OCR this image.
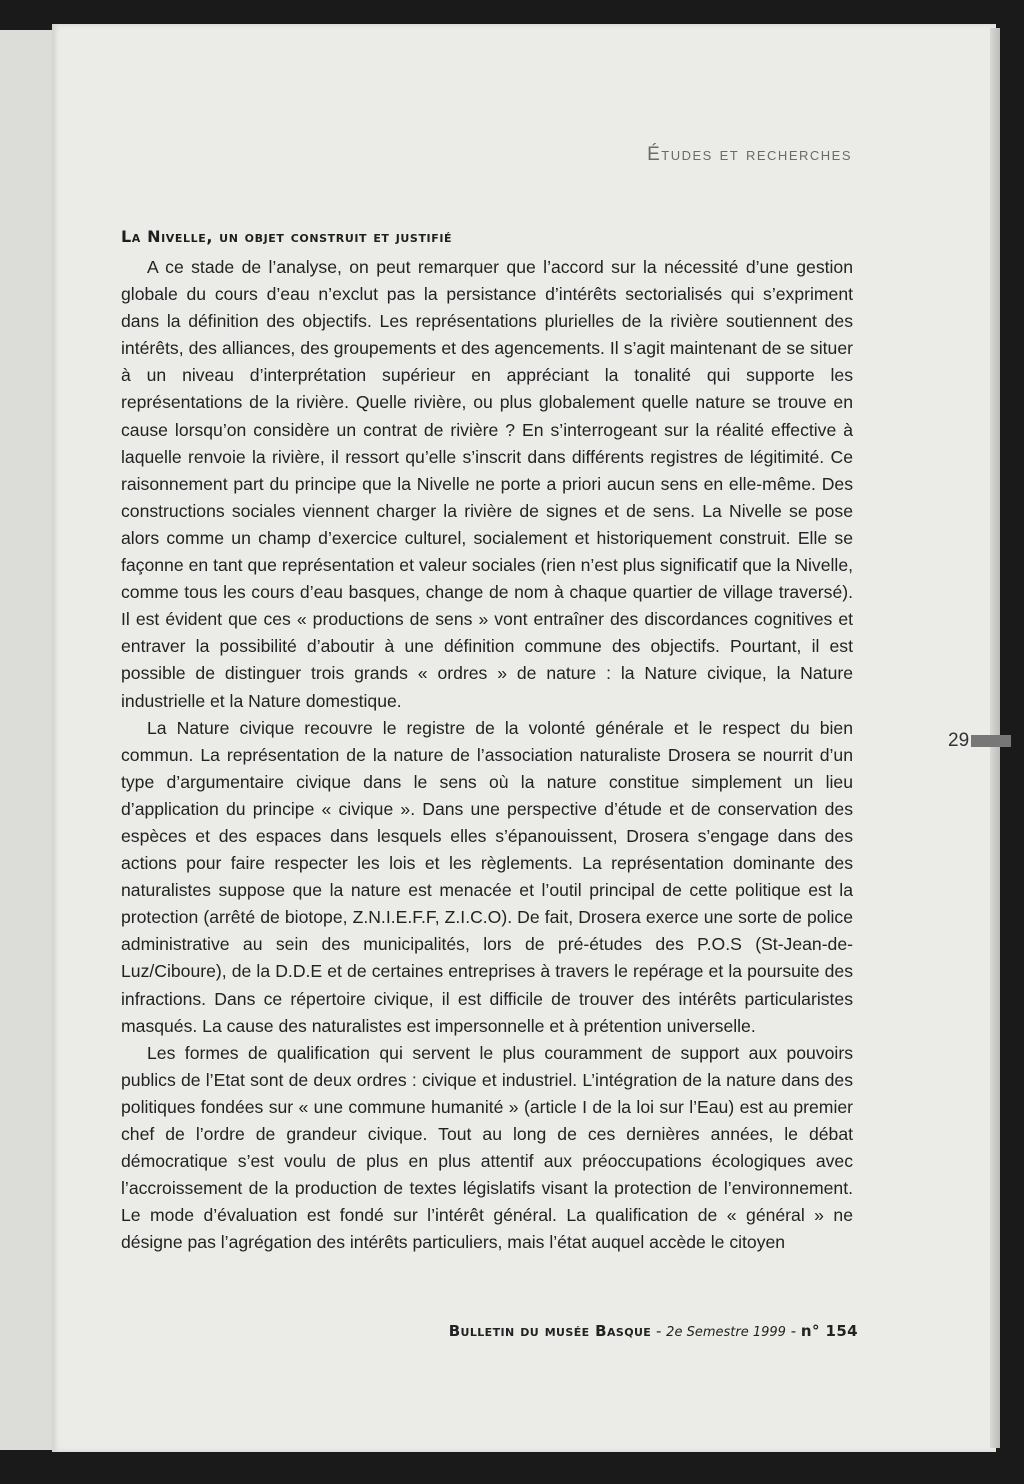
Études et recherches
La Nivelle, un objet construit et justifié

A ce stade de l’analyse, on peut remarquer que l’accord sur la nécessité d’une gestion globale du cours d’eau n’exclut pas la persistance d’intérêts sectorialisés qui s’expriment dans la définition des objectifs. Les représentations plurielles de la rivière soutiennent des intérêts, des alliances, des groupements et des agencements. Il s’agit maintenant de se situer à un niveau d’interprétation supérieur en appréciant la tonalité qui supporte les représentations de la rivière. Quelle rivière, ou plus globalement quelle nature se trouve en cause lorsqu’on considère un contrat de rivière ? En s’interrogeant sur la réalité effective à laquelle renvoie la rivière, il ressort qu’elle s’inscrit dans différents registres de légitimité. Ce raisonnement part du principe que la Nivelle ne porte a priori aucun sens en elle-même. Des constructions sociales viennent charger la rivière de signes et de sens. La Nivelle se pose alors comme un champ d’exercice culturel, socialement et historiquement construit. Elle se façonne en tant que représentation et valeur sociales (rien n’est plus significatif que la Nivelle, comme tous les cours d’eau basques, change de nom à chaque quartier de village traversé). Il est évident que ces « productions de sens » vont entraîner des discordances cognitives et entraver la possibilité d’aboutir à une définition commune des objectifs. Pourtant, il est possible de distinguer trois grands « ordres » de nature : la Nature civique, la Nature industrielle et la Nature domestique.

La Nature civique recouvre le registre de la volonté générale et le respect du bien commun. La représentation de la nature de l’association naturaliste Drosera se nourrit d’un type d’argumentaire civique dans le sens où la nature constitue simplement un lieu d’application du principe « civique ». Dans une perspective d’étude et de conservation des espèces et des espaces dans lesquels elles s’épanouissent, Drosera s’engage dans des actions pour faire respecter les lois et les règlements. La représentation dominante des naturalistes suppose que la nature est menacée et l’outil principal de cette politique est la protection (arrêté de biotope, Z.N.I.E.F.F, Z.I.C.O). De fait, Drosera exerce une sorte de police administrative au sein des municipalités, lors de pré-études des P.O.S (St-Jean-de-Luz/Ciboure), de la D.D.E et de certaines entreprises à travers le repérage et la poursuite des infractions. Dans ce répertoire civique, il est difficile de trouver des intérêts particularistes masqués. La cause des naturalistes est impersonnelle et à prétention universelle.

Les formes de qualification qui servent le plus couramment de support aux pouvoirs publics de l’Etat sont de deux ordres : civique et industriel. L’intégration de la nature dans des politiques fondées sur « une commune humanité » (article I de la loi sur l’Eau) est au premier chef de l’ordre de grandeur civique. Tout au long de ces dernières années, le débat démocratique s’est voulu de plus en plus attentif aux préoccupations écologiques avec l’accroissement de la production de textes législatifs visant la protection de l’environnement. Le mode d’évaluation est fondé sur l’intérêt général. La qualification de « général » ne désigne pas l’agrégation des intérêts particuliers, mais l’état auquel accède le citoyen

29
Bulletin du musée Basque - 2e Semestre 1999 - n° 154
